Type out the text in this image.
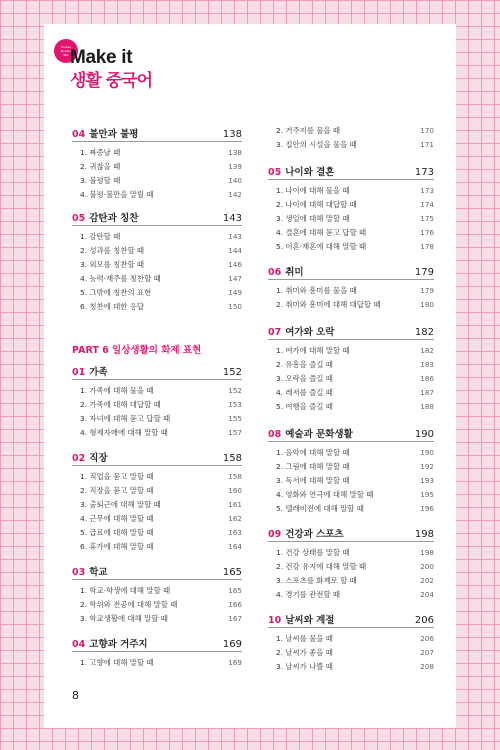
Korean
Bookie
Talk Make it
생활 중국어
PART 6 일상생활의 화제 표현
04 불만과 불평	138
1. 짜증날 때	138
2. 귀찮을 때	139
3. 불평할 때	140
4. 불평·불만을 말릴 때	142
05 감탄과 칭찬	143
1. 감탄할 때	143
2. 성과를 칭찬할 때	144
3. 외모를 칭찬할 때	146
4. 능력·재주를 칭찬할 때	147
5. 그밖에 칭찬의 표현	149
6. 칭찬에 대한 응답	150
01 가족	152
1. 가족에 대해 물을 때	152
2. 가족에 대해 대답할 때	153
3. 자녀에 대해 묻고 답할 때	155
4. 형제자매에 대해 말할 때	157
02 직장	158
1. 직업을 묻고 말할 때	158
2. 직장을 묻고 말할 때	160
3. 출퇴근에 대해 말할 때	161
4. 근무에 대해 말할 때	162
5. 급료에 대해 말할 때	163
6. 휴가에 대해 말할 때	164
03 학교	165
1. 학교·학생에 대해 말할 때	165
2. 학위와 전공에 대해 말할 때	166
3. 학교생활에 대해 말할 때	167
04 고향과 거주지	169
1. 고향에 대해 말할 때	169
2. 거주지를 물을 때	170
3. 집안의 시설을 물을 때	171
05 나이와 결혼	173
1. 나이에 대해 물을 때	173
2. 나이에 대해 대답할 때	174
3. 생일에 대해 말할 때	175
4. 결혼에 대해 묻고 답할 때	176
5. 이혼·재혼에 대해 말할 때	178
06 취미	179
1. 취미와 흥미를 물을 때	179
2. 취미와 흥미에 대해 대답할 때	180
07 여가와 오락	182
1. 여가에 대해 말할 때	182
2. 유흥을 즐길 때	183
3. 오락을 즐길 때	186
4. 레저를 즐길 때	187
5. 여행을 즐길 때	188
08 예술과 문화생활	190
1. 음악에 대해 말할 때	190
2. 그림에 대해 말할 때	192
3. 독서에 대해 말할 때	193
4. 영화와 연극에 대해 말할 때	195
5. 텔레비전에 대해 말할 때	196
09 건강과 스포츠	198
1. 건강 상태를 말할 때	198
2. 건강 유지에 대해 말할 때	200
3. 스포츠를 화제로 할 때	202
4. 경기를 관전할 때	204
10 날씨와 계절	206
1. 날씨를 물을 때	206
2. 날씨가 좋을 때	207
3. 날씨가 나쁠 때	208
8
